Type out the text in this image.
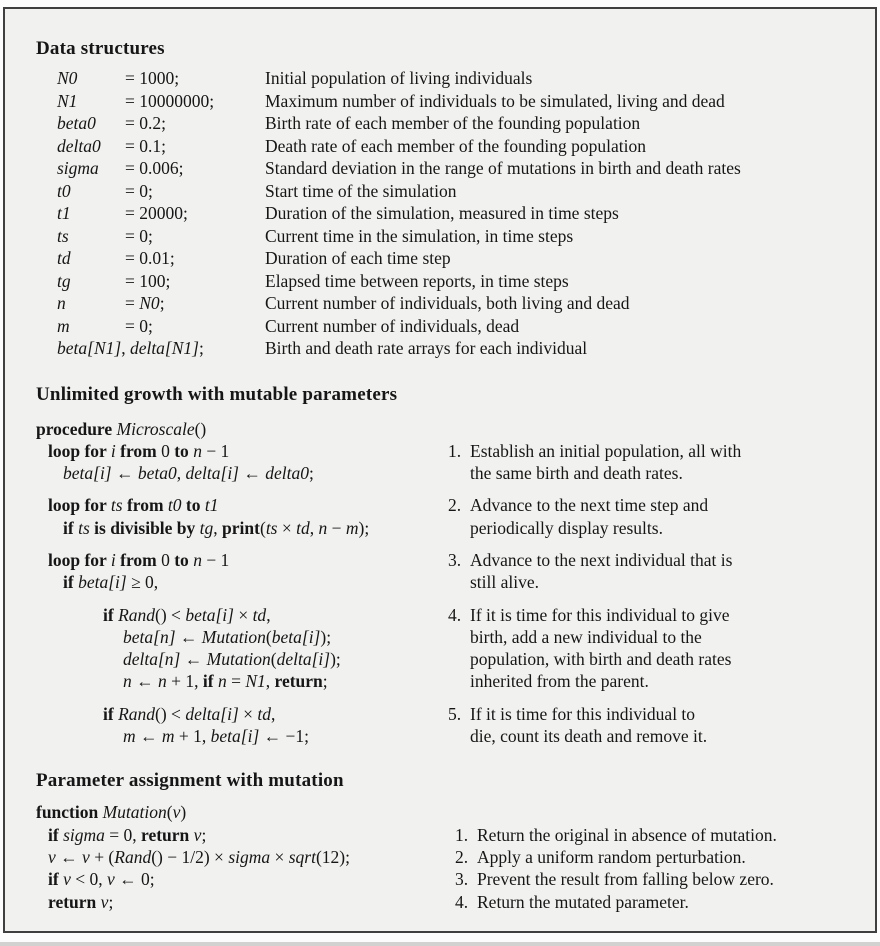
Data structures
N0	= 1000;	Initial population of living individuals
N1	= 10000000;	Maximum number of individuals to be simulated, living and dead
beta0	= 0.2;	Birth rate of each member of the founding population
delta0	= 0.1;	Death rate of each member of the founding population
sigma	= 0.006;	Standard deviation in the range of mutations in birth and death rates
t0	= 0;	Start time of the simulation
t1	= 20000;	Duration of the simulation, measured in time steps
ts	= 0;	Current time in the simulation, in time steps
td	= 0.01;	Duration of each time step
tg	= 100;	Elapsed time between reports, in time steps
n	= N0;	Current number of individuals, both living and dead
m	= 0;	Current number of individuals, dead
beta[N1], delta[N1];	Birth and death rate arrays for each individual
Unlimited growth with mutable parameters
procedure Microscale()
loop for i from 0 to n − 1
beta[i] ← beta0, delta[i] ← delta0;
1. Establish an initial population, all with
the same birth and death rates.
loop for ts from t0 to t1
if ts is divisible by tg, print(ts × td, n − m);
2. Advance to the next time step and
periodically display results.
loop for i from 0 to n − 1
if beta[i] ≥ 0,
3. Advance to the next individual that is
still alive.
if Rand() < beta[i] × td,
beta[n] ← Mutation(beta[i]);
delta[n] ← Mutation(delta[i]);
n ← n + 1, if n = N1, return;
4. If it is time for this individual to give
birth, add a new individual to the
population, with birth and death rates
inherited from the parent.
if Rand() < delta[i] × td,
m ← m + 1, beta[i] ← −1;
5. If it is time for this individual to
die, count its death and remove it.
Parameter assignment with mutation
function Mutation(v)
if sigma = 0, return v;	1. Return the original in absence of mutation.
v ← v + (Rand() − 1/2) × sigma × sqrt(12);	2. Apply a uniform random perturbation.
if v < 0, v ← 0;	3. Prevent the result from falling below zero.
return v;	4. Return the mutated parameter.
